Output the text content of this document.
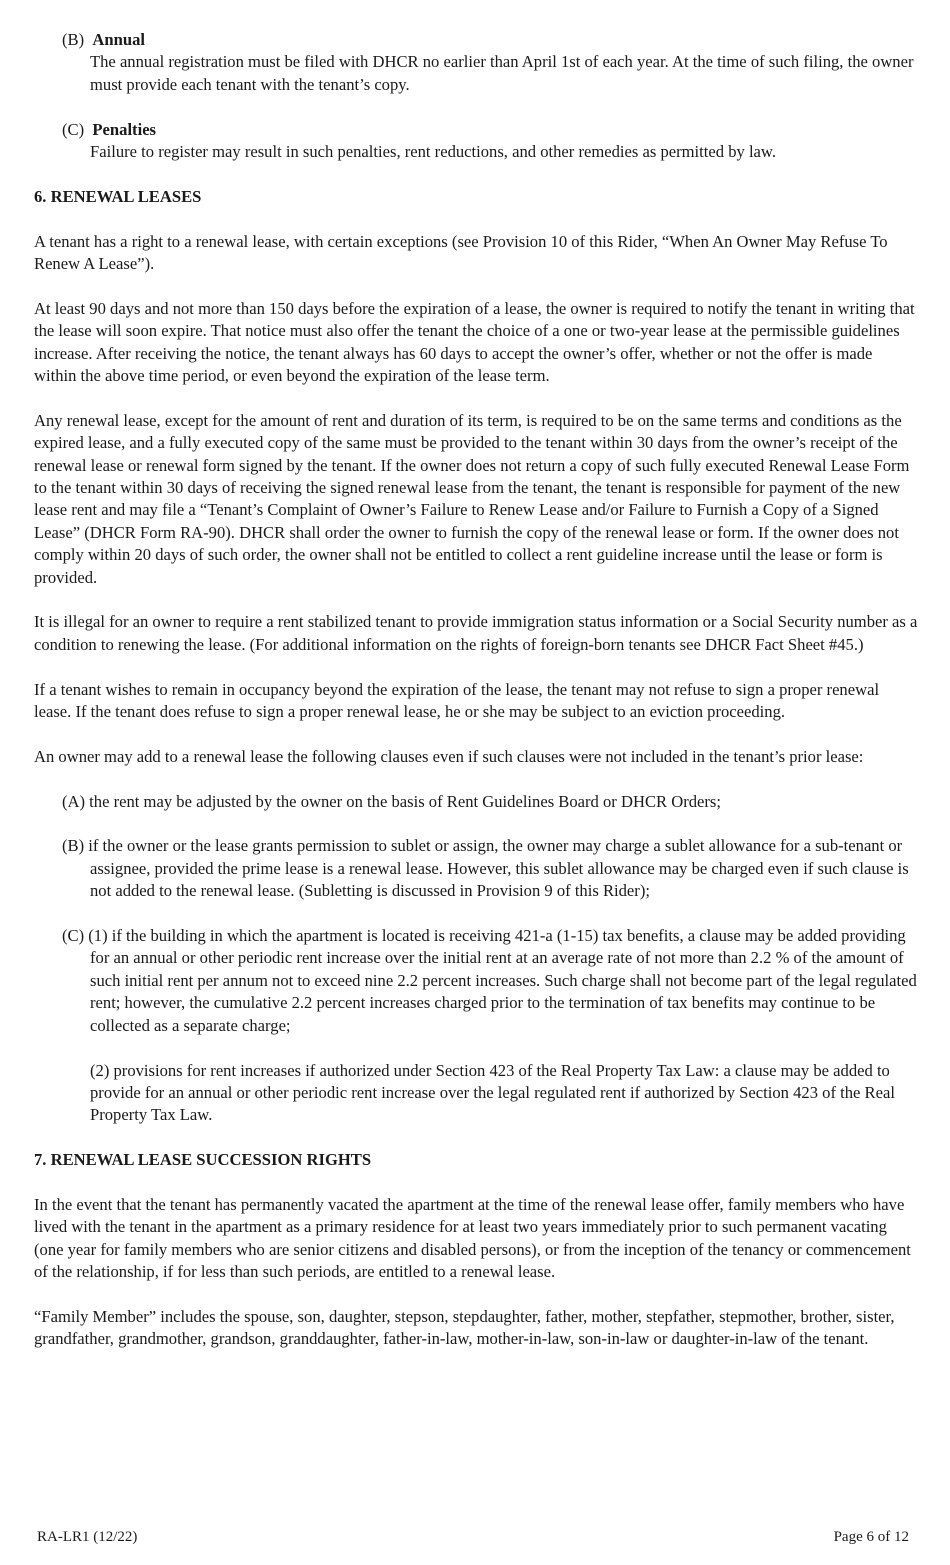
(B) Annual

The annual registration must be filed with DHCR no earlier than April 1st of each year. At the time of such filing, the owner must provide each tenant with the tenant’s copy.

(C) Penalties

Failure to register may result in such penalties, rent reductions, and other remedies as permitted by law.

6. RENEWAL LEASES

A tenant has a right to a renewal lease, with certain exceptions (see Provision 10 of this Rider, “When An Owner May Refuse To Renew A Lease”).

At least 90 days and not more than 150 days before the expiration of a lease, the owner is required to notify the tenant in writing that the lease will soon expire. That notice must also offer the tenant the choice of a one or two-year lease at the permissible guidelines increase. After receiving the notice, the tenant always has 60 days to accept the owner’s offer, whether or not the offer is made within the above time period, or even beyond the expiration of the lease term.

Any renewal lease, except for the amount of rent and duration of its term, is required to be on the same terms and conditions as the expired lease, and a fully executed copy of the same must be provided to the tenant within 30 days from the owner’s receipt of the renewal lease or renewal form signed by the tenant. If the owner does not return a copy of such fully executed Renewal Lease Form to the tenant within 30 days of receiving the signed renewal lease from the tenant, the tenant is responsible for payment of the new lease rent and may file a “Tenant’s Complaint of Owner’s Failure to Renew Lease and/or Failure to Furnish a Copy of a Signed Lease” (DHCR Form RA-90). DHCR shall order the owner to furnish the copy of the renewal lease or form. If the owner does not comply within 20 days of such order, the owner shall not be entitled to collect a rent guideline increase until the lease or form is provided.

It is illegal for an owner to require a rent stabilized tenant to provide immigration status information or a Social Security number as a condition to renewing the lease. (For additional information on the rights of foreign-born tenants see DHCR Fact Sheet #45.)

If a tenant wishes to remain in occupancy beyond the expiration of the lease, the tenant may not refuse to sign a proper renewal lease. If the tenant does refuse to sign a proper renewal lease, he or she may be subject to an eviction proceeding.

An owner may add to a renewal lease the following clauses even if such clauses were not included in the tenant’s prior lease:

(A) the rent may be adjusted by the owner on the basis of Rent Guidelines Board or DHCR Orders;

(B) if the owner or the lease grants permission to sublet or assign, the owner may charge a sublet allowance for a sub-tenant or assignee, provided the prime lease is a renewal lease. However, this sublet allowance may be charged even if such clause is not added to the renewal lease. (Subletting is discussed in Provision 9 of this Rider);

(C) (1) if the building in which the apartment is located is receiving 421-a (1-15) tax benefits, a clause may be added providing for an annual or other periodic rent increase over the initial rent at an average rate of not more than 2.2 % of the amount of such initial rent per annum not to exceed nine 2.2 percent increases. Such charge shall not become part of the legal regulated rent; however, the cumulative 2.2 percent increases charged prior to the termination of tax benefits may continue to be collected as a separate charge;

(2) provisions for rent increases if authorized under Section 423 of the Real Property Tax Law: a clause may be added to provide for an annual or other periodic rent increase over the legal regulated rent if authorized by Section 423 of the Real Property Tax Law.

7. RENEWAL LEASE SUCCESSION RIGHTS

In the event that the tenant has permanently vacated the apartment at the time of the renewal lease offer, family members who have lived with the tenant in the apartment as a primary residence for at least two years immediately prior to such permanent vacating (one year for family members who are senior citizens and disabled persons), or from the inception of the tenancy or commencement of the relationship, if for less than such periods, are entitled to a renewal lease.

“Family Member” includes the spouse, son, daughter, stepson, stepdaughter, father, mother, stepfather, stepmother, brother, sister, grandfather, grandmother, grandson, granddaughter, father-in-law, mother-in-law, son-in-law or daughter-in-law of the tenant.

RA-LR1 (12/22)	Page 6 of 12
